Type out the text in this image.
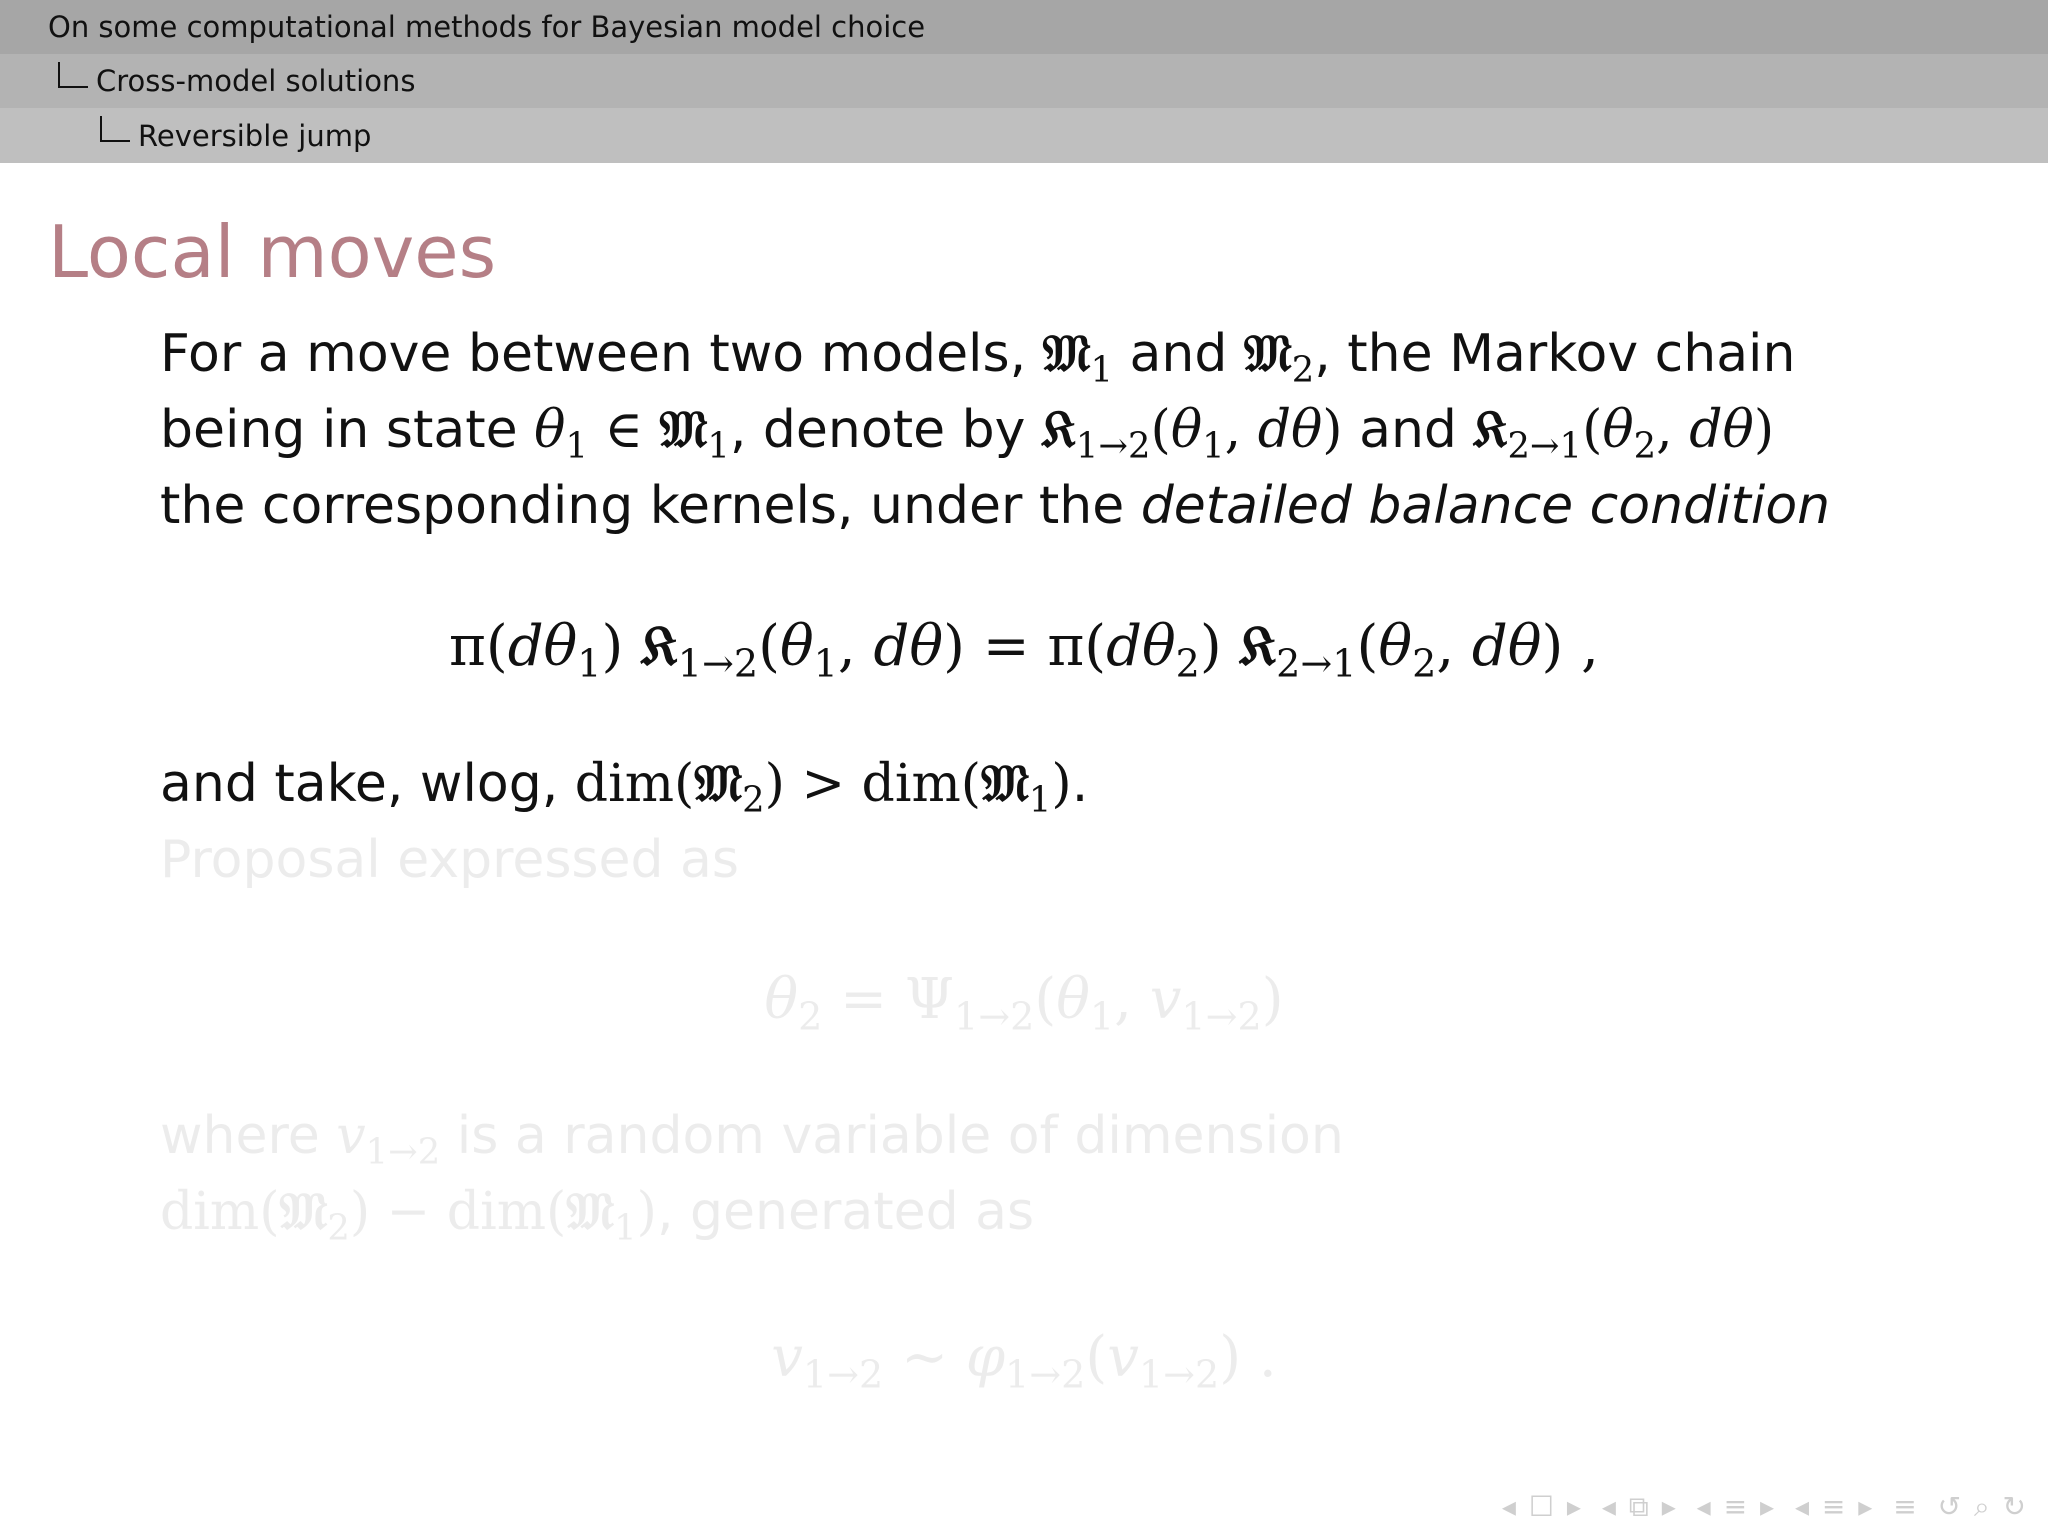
On some computational methods for Bayesian model choice
Cross-model solutions
Reversible jump
Local moves
For a move between two models, 𝔐$_1$ and 𝔐$_2$, the Markov chain
being in state $\theta_1$ ∈ 𝔐$_1$, denote by $𝔎_{1\to 2}(\theta_1$, dθ) and $𝔎_{2\to 1}(\theta_2$, dθ)
the corresponding kernels, under the detailed balance condition
$\pi(d\theta_1)$ $𝔎_{1\to 2}(\theta_1$, $d\theta) = \pi(d\theta_2)$ $𝔎_{2\to 1}(\theta_2$, dθ) ,
and take, wlog, dim(𝔐$_2$) > dim(𝔐$_1$).
Proposal expressed as
$\theta_2 = \Psi_{1\to 2}(\theta_1$, $v_{1\to 2}$)
where $v_{1\to 2}$ is a random variable of dimension
dim(𝔐$_2$) − dim(𝔐$_1$), generated as
$v_{1\to 2}$ ∼ $\varphi_{1\to 2}(v_{1\to 2})$ .
◂ ☐ ▸ ◂ ⧉ ▸ ◂ ≡ ▸ ◂ ≡ ▸ ≡ ↺ ⌕ ↻
